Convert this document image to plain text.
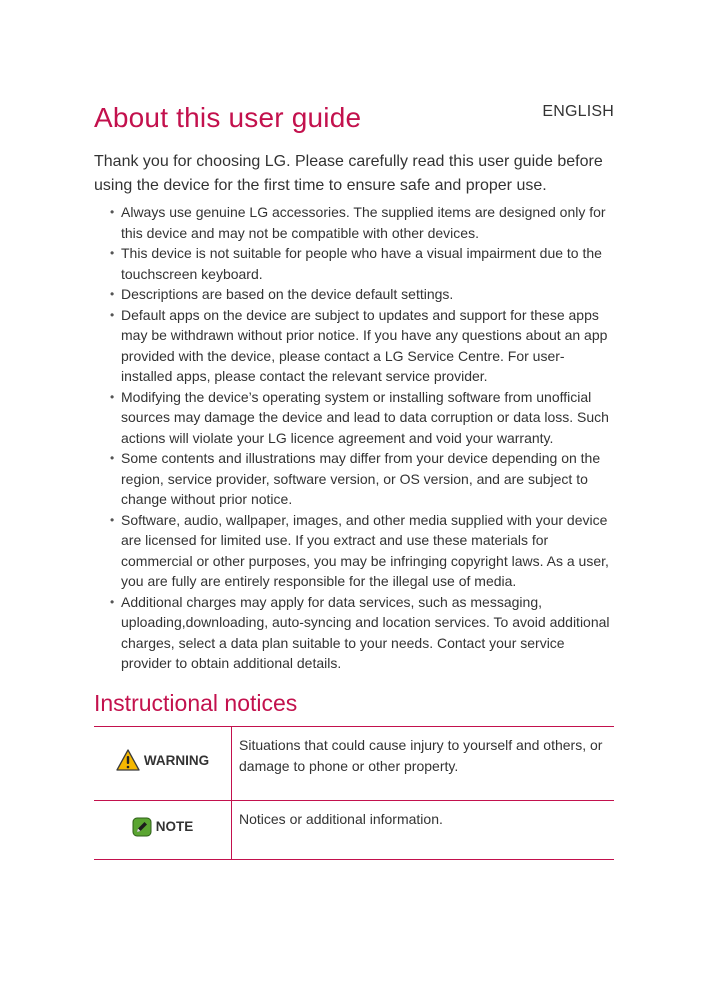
ENGLISH
About this user guide

Thank you for choosing LG. Please carefully read this user guide before using the device for the first time to ensure safe and proper use.

• Always use genuine LG accessories. The supplied items are designed only for this device and may not be compatible with other devices.
• This device is not suitable for people who have a visual impairment due to the touchscreen keyboard.
• Descriptions are based on the device default settings.
• Default apps on the device are subject to updates and support for these apps may be withdrawn without prior notice. If you have any questions about an app provided with the device, please contact a LG Service Centre. For user-installed apps, please contact the relevant service provider.
• Modifying the device’s operating system or installing software from unofficial sources may damage the device and lead to data corruption or data loss. Such actions will violate your LG licence agreement and void your warranty.
• Some contents and illustrations may differ from your device depending on the region, service provider, software version, or OS version, and are subject to change without prior notice.
• Software, audio, wallpaper, images, and other media supplied with your device are licensed for limited use. If you extract and use these materials for commercial or other purposes, you may be infringing copyright laws. As a user, you are fully are entirely responsible for the illegal use of media.
• Additional charges may apply for data services, such as messaging, uploading,downloading, auto-syncing and location services. To avoid additional charges, select a data plan suitable to your needs. Contact your service provider to obtain additional details.
Instructional notices
WARNING	Situations that could cause injury to yourself and others, or damage to phone or other property.

NOTE	Notices or additional information.
